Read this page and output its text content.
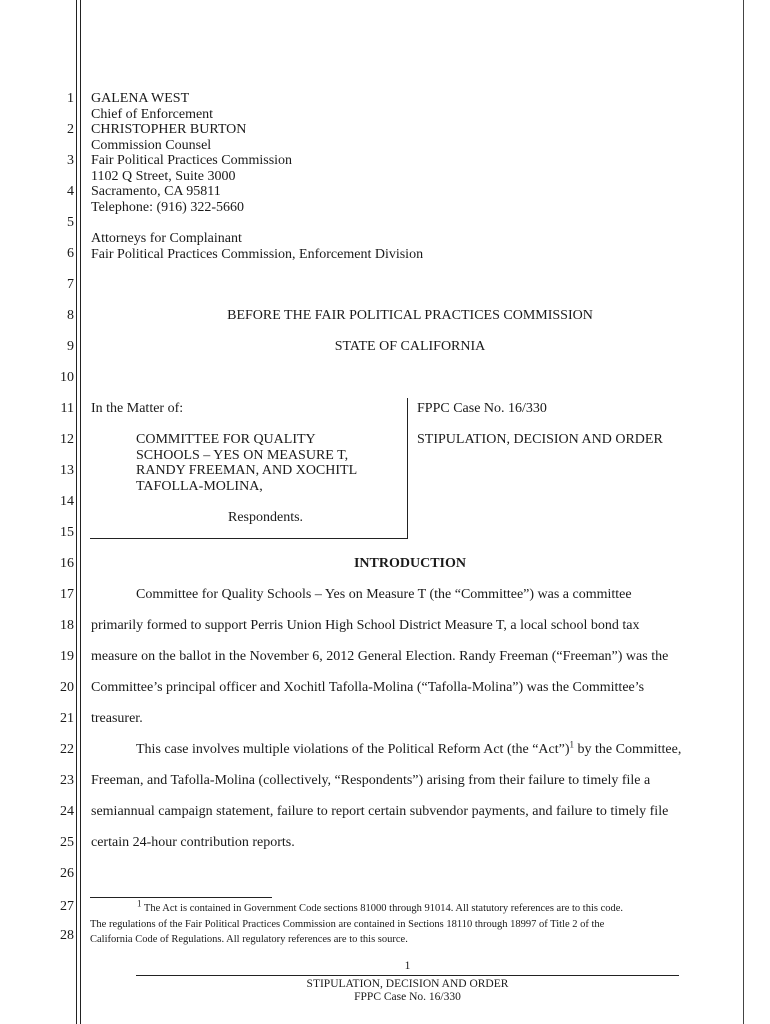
1
2
3
4
5
6
7
8
9
10
11
12
13
14
15
16
17
18
19
20
21
22
23
24
25
26
27
28
GALENA WEST
Chief of Enforcement
CHRISTOPHER BURTON
Commission Counsel
Fair Political Practices Commission
1102 Q Street, Suite 3000
Sacramento, CA 95811
Telephone: (916) 322-5660
Attorneys for Complainant
Fair Political Practices Commission, Enforcement Division
BEFORE THE FAIR POLITICAL PRACTICES COMMISSION
STATE OF CALIFORNIA
In the Matter of:
COMMITTEE FOR QUALITY
SCHOOLS – YES ON MEASURE T,
RANDY FREEMAN, AND XOCHITL
TAFOLLA-MOLINA,
Respondents.
FPPC Case No. 16/330
STIPULATION, DECISION AND ORDER
INTRODUCTION
Committee for Quality Schools – Yes on Measure T (the “Committee”) was a committee
primarily formed to support Perris Union High School District Measure T, a local school bond tax
measure on the ballot in the November 6, 2012 General Election. Randy Freeman (“Freeman”) was the
Committee’s principal officer and Xochitl Tafolla-Molina (“Tafolla-Molina”) was the Committee’s
treasurer.
This case involves multiple violations of the Political Reform Act (the “Act”)$^1$ by the Committee,
Freeman, and Tafolla-Molina (collectively, “Respondents”) arising from their failure to timely file a
semiannual campaign statement, failure to report certain subvendor payments, and failure to timely file
certain 24-hour contribution reports.
$^1$ The Act is contained in Government Code sections 81000 through 91014. All statutory references are to this code.
The regulations of the Fair Political Practices Commission are contained in Sections 18110 through 18997 of Title 2 of the
California Code of Regulations. All regulatory references are to this source.
1
STIPULATION, DECISION AND ORDER
FPPC Case No. 16/330
